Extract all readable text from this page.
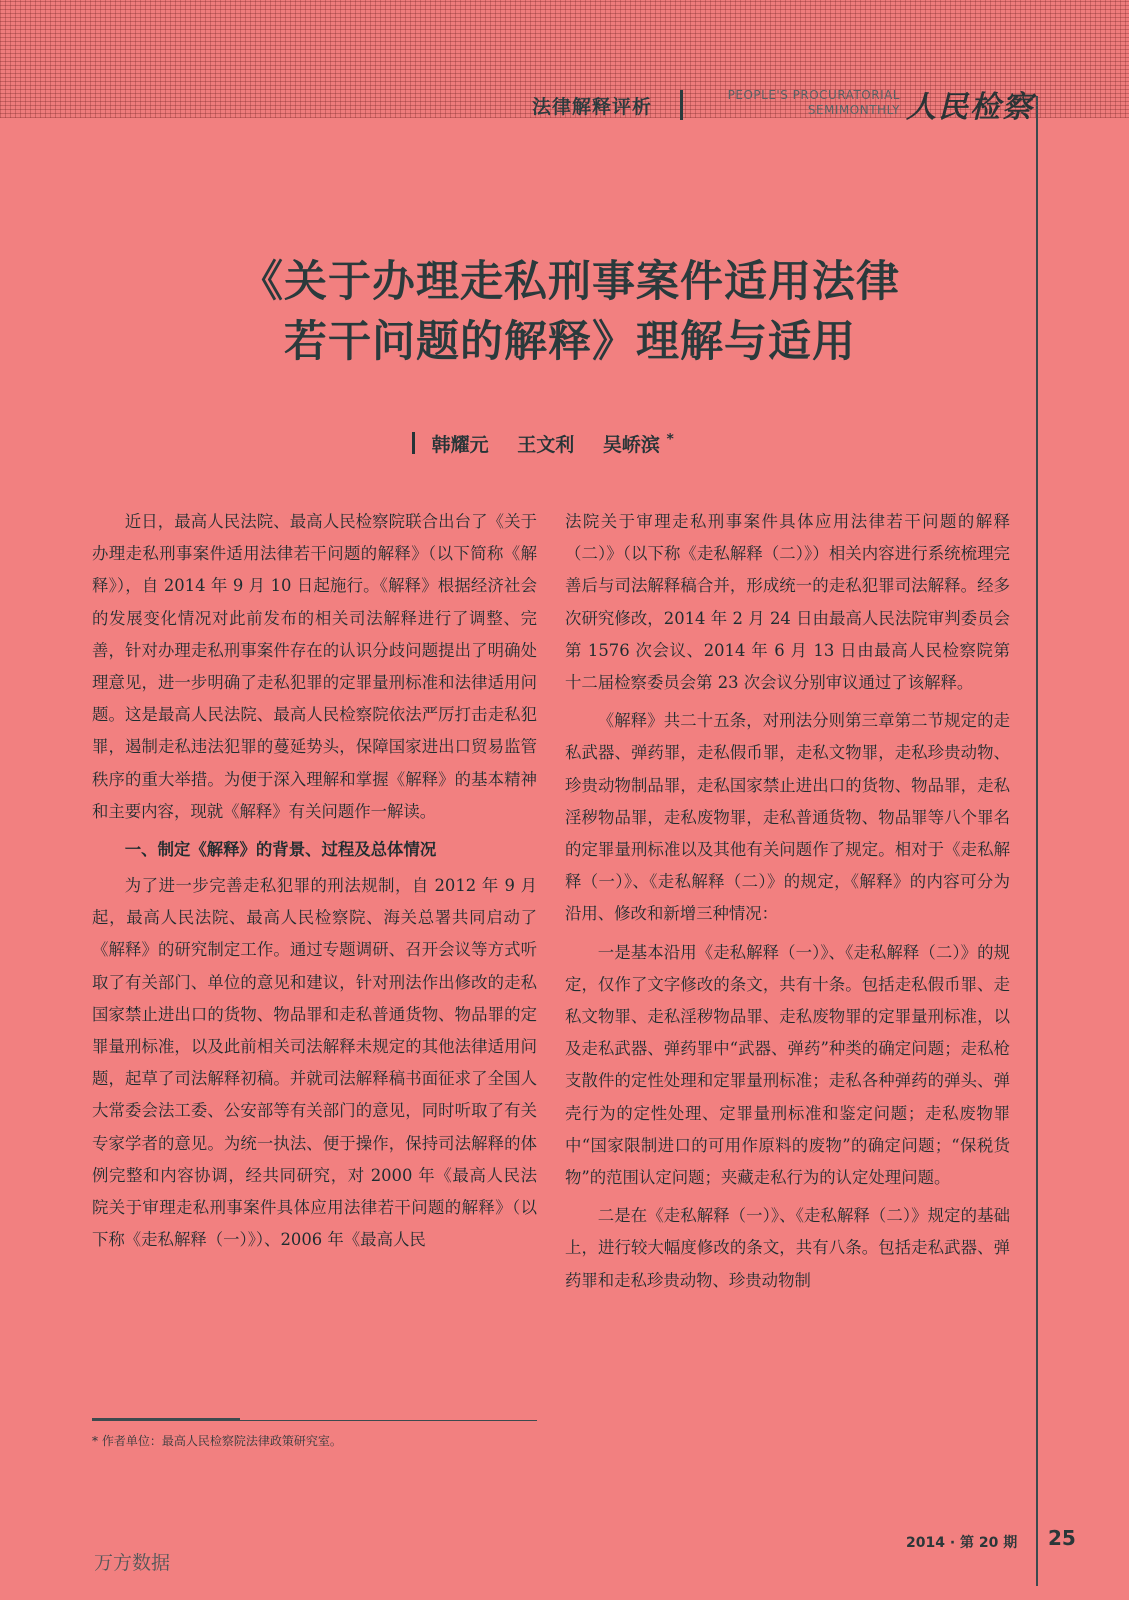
法律解释评析
PEOPLE'S PROCURATORIAL
SEMIMONTHLY 人民检察
《关于办理走私刑事案件适用法律
若干问题的解释》理解与适用
韩耀元 王文利 吴峤滨 *

近日，最高人民法院、最高人民检察院联合出台了《关于办理走私刑事案件适用法律若干问题的解释》（以下简称《解释》），自 2014 年 9 月 10 日起施行。《解释》根据经济社会的发展变化情况对此前发布的相关司法解释进行了调整、完善，针对办理走私刑事案件存在的认识分歧问题提出了明确处理意见，进一步明确了走私犯罪的定罪量刑标准和法律适用问题。这是最高人民法院、最高人民检察院依法严厉打击走私犯罪，遏制走私违法犯罪的蔓延势头，保障国家进出口贸易监管秩序的重大举措。为便于深入理解和掌握《解释》的基本精神和主要内容，现就《解释》有关问题作一解读。

一、制定《解释》的背景、过程及总体情况

为了进一步完善走私犯罪的刑法规制，自 2012 年 9 月起，最高人民法院、最高人民检察院、海关总署共同启动了《解释》的研究制定工作。通过专题调研、召开会议等方式听取了有关部门、单位的意见和建议，针对刑法作出修改的走私国家禁止进出口的货物、物品罪和走私普通货物、物品罪的定罪量刑标准，以及此前相关司法解释未规定的其他法律适用问题，起草了司法解释初稿。并就司法解释稿书面征求了全国人大常委会法工委、公安部等有关部门的意见，同时听取了有关专家学者的意见。为统一执法、便于操作，保持司法解释的体例完整和内容协调，经共同研究，对 2000 年《最高人民法院关于审理走私刑事案件具体应用法律若干问题的解释》（以下称《走私解释（一）》）、2006 年《最高人民

法院关于审理走私刑事案件具体应用法律若干问题的解释（二）》（以下称《走私解释（二）》）相关内容进行系统梳理完善后与司法解释稿合并，形成统一的走私犯罪司法解释。经多次研究修改，2014 年 2 月 24 日由最高人民法院审判委员会第 1576 次会议、2014 年 6 月 13 日由最高人民检察院第十二届检察委员会第 23 次会议分别审议通过了该解释。

《解释》共二十五条，对刑法分则第三章第二节规定的走私武器、弹药罪，走私假币罪，走私文物罪，走私珍贵动物、珍贵动物制品罪，走私国家禁止进出口的货物、物品罪，走私淫秽物品罪，走私废物罪，走私普通货物、物品罪等八个罪名的定罪量刑标准以及其他有关问题作了规定。相对于《走私解释（一）》、《走私解释（二）》的规定，《解释》的内容可分为沿用、修改和新增三种情况：

一是基本沿用《走私解释（一）》、《走私解释（二）》的规定，仅作了文字修改的条文，共有十条。包括走私假币罪、走私文物罪、走私淫秽物品罪、走私废物罪的定罪量刑标准，以及走私武器、弹药罪中“武器、弹药”种类的确定问题；走私枪支散件的定性处理和定罪量刑标准；走私各种弹药的弹头、弹壳行为的定性处理、定罪量刑标准和鉴定问题；走私废物罪中“国家限制进口的可用作原料的废物”的确定问题；“保税货物”的范围认定问题；夹藏走私行为的认定处理问题。

二是在《走私解释（一）》、《走私解释（二）》规定的基础上，进行较大幅度修改的条文，共有八条。包括走私武器、弹药罪和走私珍贵动物、珍贵动物制

* 作者单位：最高人民检察院法律政策研究室。
2014 · 第 20 期 25
万方数据
